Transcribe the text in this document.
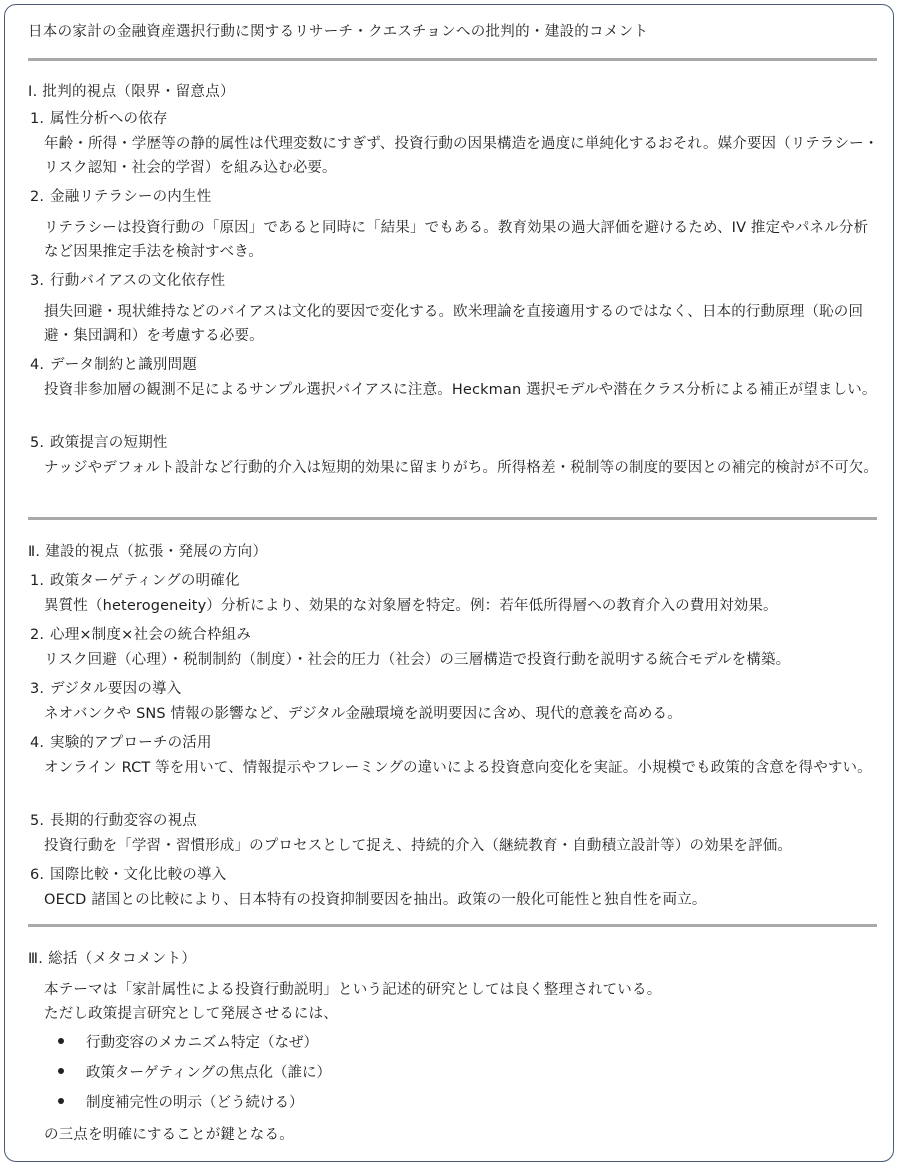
日本の家計の金融資産選択行動に関するリサーチ・クエスチョンへの批判的・建設的コメント
Ⅰ. 批判的視点（限界・留意点）
1. 属性分析への依存
年齢・所得・学歴等の静的属性は代理変数にすぎず、投資行動の因果構造を過度に単純化するおそれ。媒介要因（リテラシー・リスク認知・社会的学習）を組み込む必要。
2. 金融リテラシーの内生性
リテラシーは投資行動の「原因」であると同時に「結果」でもある。教育効果の過大評価を避けるため、IV 推定やパネル分析など因果推定手法を検討すべき。
3. 行動バイアスの文化依存性
損失回避・現状維持などのバイアスは文化的要因で変化する。欧米理論を直接適用するのではなく、日本的行動原理（恥の回避・集団調和）を考慮する必要。
4. データ制約と識別問題
投資非参加層の観測不足によるサンプル選択バイアスに注意。Heckman 選択モデルや潜在クラス分析による補正が望ましい。
5. 政策提言の短期性
ナッジやデフォルト設計など行動的介入は短期的効果に留まりがち。所得格差・税制等の制度的要因との補完的検討が不可欠。
Ⅱ. 建設的視点（拡張・発展の方向）
1. 政策ターゲティングの明確化
異質性（heterogeneity）分析により、効果的な対象層を特定。例：若年低所得層への教育介入の費用対効果。
2. 心理×制度×社会の統合枠組み
リスク回避（心理）・税制制約（制度）・社会的圧力（社会）の三層構造で投資行動を説明する統合モデルを構築。
3. デジタル要因の導入
ネオバンクや SNS 情報の影響など、デジタル金融環境を説明要因に含め、現代的意義を高める。
4. 実験的アプローチの活用
オンライン RCT 等を用いて、情報提示やフレーミングの違いによる投資意向変化を実証。小規模でも政策的含意を得やすい。
5. 長期的行動変容の視点
投資行動を「学習・習慣形成」のプロセスとして捉え、持続的介入（継続教育・自動積立設計等）の効果を評価。
6. 国際比較・文化比較の導入
OECD 諸国との比較により、日本特有の投資抑制要因を抽出。政策の一般化可能性と独自性を両立。
Ⅲ. 総括（メタコメント）
本テーマは「家計属性による投資行動説明」という記述的研究としては良く整理されている。
ただし政策提言研究として発展させるには、
行動変容のメカニズム特定（なぜ）
政策ターゲティングの焦点化（誰に）
制度補完性の明示（どう続ける）
の三点を明確にすることが鍵となる。
